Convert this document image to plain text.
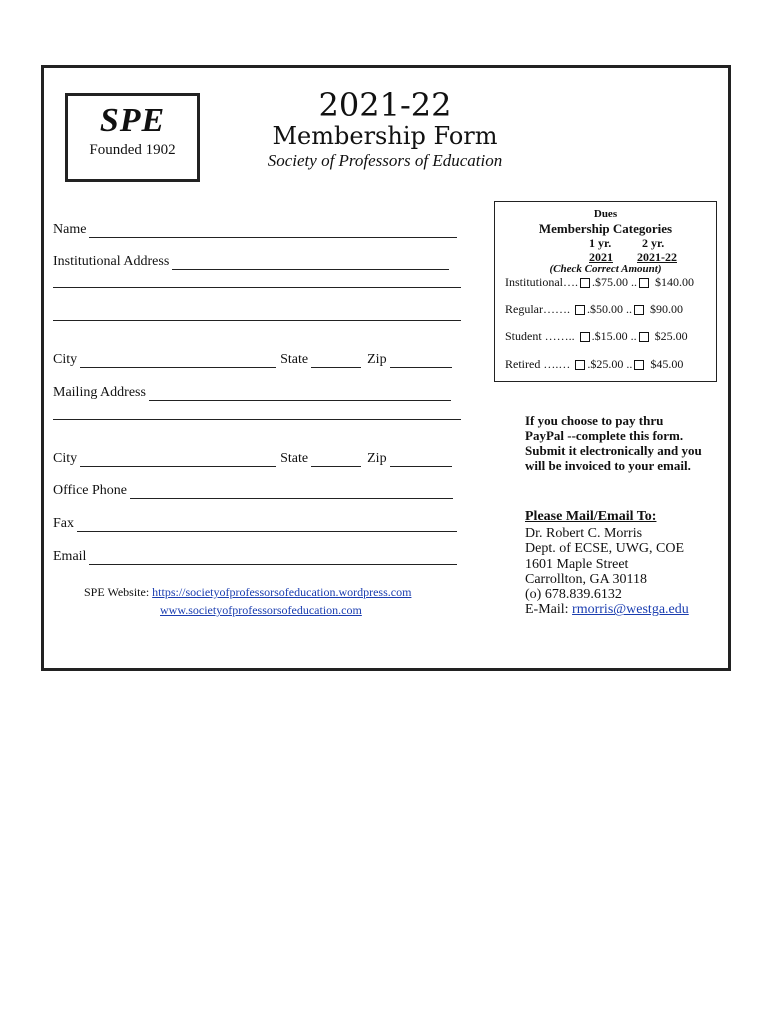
SPE
Founded 1902
2021-22
Membership Form
Society of Professors of Education
Name
Institutional Address
City	State	Zip
Mailing Address
City	State	Zip
Office Phone
Fax
Email
Dues
Membership Categories
1 yr.	2 yr.
2021 2021-22
(Check Correct Amount)
Institutional…. .$75.00 .. $140.00
Regular……. .$50.00 .. $90.00
Student …….. .$15.00 .. $25.00
Retired ….… .$25.00 .. $45.00
If you choose to pay thru PayPal --complete this form. Submit it electronically and you will be invoiced to your email.
Please Mail/Email To:
Dr. Robert C. Morris
Dept. of ECSE, UWG, COE
1601 Maple Street
Carrollton, GA 30118
(o) 678.839.6132
E-Mail: rmorris@westga.edu
SPE Website: https://societyofprofessorsofeducation.wordpress.com
www.societyofprofessorsofeducation.com
